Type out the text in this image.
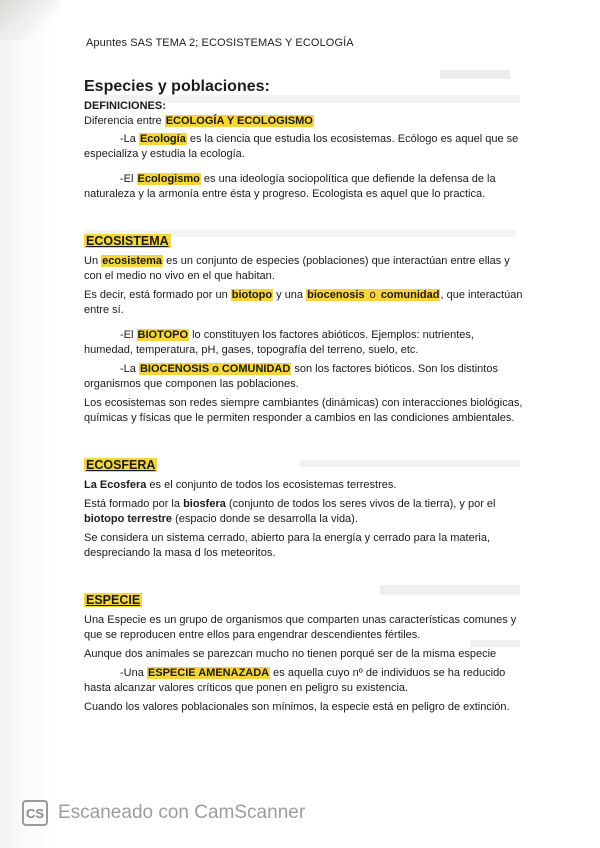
Apuntes SAS TEMA 2; ECOSISTEMAS Y ECOLOGÍA
Especies y poblaciones:

DEFINICIONES:

Diferencia entre ECOLOGÍA Y ECOLOGISMO

-La Ecología es la ciencia que estudia los ecosistemas. Ecólogo es aquel que se especializa y estudia la ecología.

-El Ecologismo es una ideología sociopolítica que defiende la defensa de la naturaleza y la armonía entre ésta y progreso. Ecologista es aquel que lo practica.

ECOSISTEMA

Un ecosistema es un conjunto de especies (poblaciones) que interactúan entre ellas y con el medio no vivo en el que habitan.

Es decir, está formado por un biotopo y una biocenosis o comunidad, que interactúan entre sí.

-El BIOTOPO lo constituyen los factores abióticos. Ejemplos: nutrientes, humedad, temperatura, pH, gases, topografía del terreno, suelo, etc.

-La BIOCENOSIS o COMUNIDAD son los factores bióticos. Son los distintos organismos que componen las poblaciones.

Los ecosistemas son redes siempre cambiantes (dinámicas) con interacciones biológicas, químicas y físicas que le permiten responder a cambios en las condiciones ambientales.

ECOSFERA

La Ecosfera es el conjunto de todos los ecosistemas terrestres.

Está formado por la biosfera (conjunto de todos los seres vivos de la tierra), y por el biotopo terrestre (espacio donde se desarrolla la vida).

Se considera un sistema cerrado, abierto para la energía y cerrado para la materia, despreciando la masa d los meteoritos.

ESPECIE

Una Especie es un grupo de organismos que comparten unas características comunes y que se reproducen entre ellos para engendrar descendientes fértiles.

Aunque dos animales se parezcan mucho no tienen porqué ser de la misma especie

-Una ESPECIE AMENAZADA es aquella cuyo nº de individuos se ha reducido hasta alcanzar valores críticos que ponen en peligro su existencia.

Cuando los valores poblacionales son mínimos, la especie está en peligro de extinción.

CS Escaneado con CamScanner
